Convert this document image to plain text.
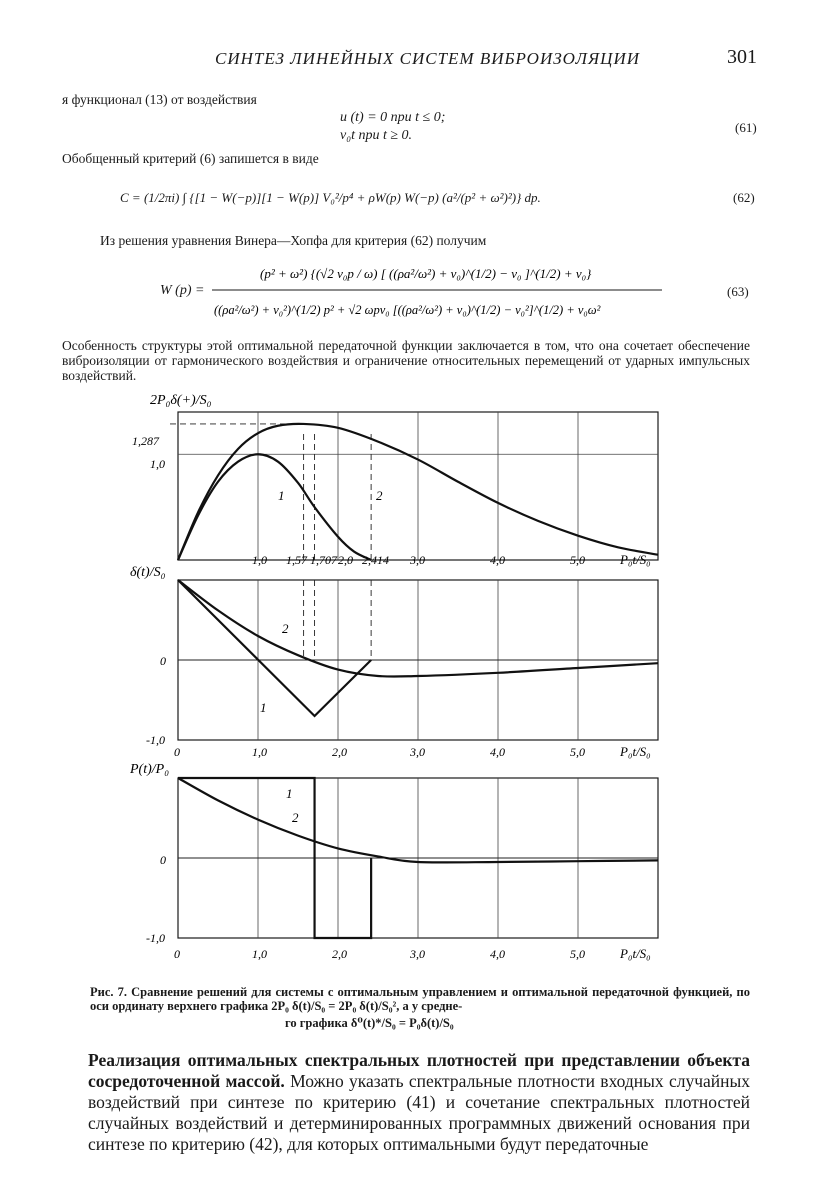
СИНТЕЗ ЛИНЕЙНЫХ СИСТЕМ ВИБРОИЗОЛЯЦИИ	301
я функционал (13) от воздействия
u (t) = 0 при t ≤ 0;
v₀t при t ≥ 0.
(61)
Обобщенный критерий (6) запишется в виде
C = (1/2πi) ∫ {[1 − W(−p)][1 − W(p)] V₀²/p⁴ + ρW(p) W(−p) (a²/(p² + ω²)²)} dp.	(62)
Из решения уравнения Винера—Хопфа для критерия (62) получим
W (p) =
(p² + ω²) {(√2 v₀p / ω) [ ((ρa²/ω²) + v₀)^(1/2) − v₀ ]^(1/2) + v₀}
((ρa²/ω²) + v₀²)^(1/2) p² + √2 ωpv₀ [((ρa²/ω²) + v₀)^(1/2) − v₀²]^(1/2) + v₀ω²
(63)
Особенность структуры этой оптимальной передаточной функции заключается в том, что она сочетает обеспечение виброизоляции от гармонического воздействия и ограничение относительных перемещений от ударных импульсных воздействий.
2P₀δ(+)/S₀
δ(t)/S₀
P(t)/P₀
1,287
1,0
1,0 1,57 1,707 2,0 2,414 3,0	4,0	5,0	P₀t/S₀
0
-1,0
0	1,0	2,0	3,0	4,0	5,0	P₀t/S₀
0
-1,0
0	1,0	2,0	3,0	4,0	5,0	P₀t/S₀
1	2
2
1
1
2
Рис. 7. Сравнение решений для системы с оптимальным управлением и оптимальной передаточной функцией, по оси ординату верхнего графика 2P₀ δ(t)/S₀ = 2P₀ δ(t)/S₀², а у средне-
го графика δ⁰(t)*/S₀ = P₀δ(t)/S₀
Реализация оптимальных спектральных плотностей при представлении объекта сосредоточенной массой. Можно указать спектральные плотности входных случайных воздействий при синтезе по критерию (41) и сочетание спектральных плотностей случайных воздействий и детерминированных программных движений основания при синтезе по критерию (42), для которых оптимальными будут передаточные
